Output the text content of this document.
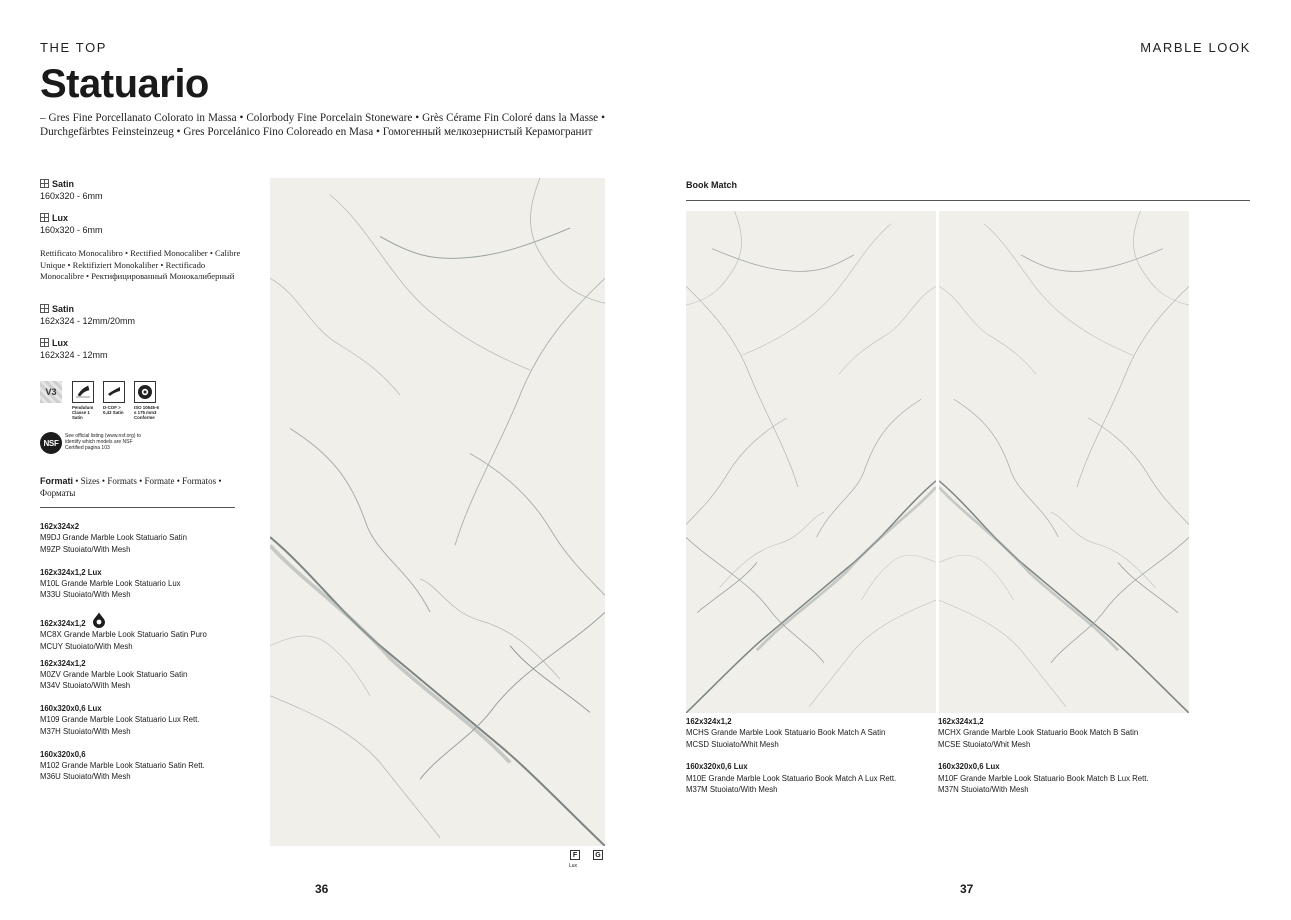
THE TOP	MARBLE LOOK
Statuario
– Gres Fine Porcellanato Colorato in Massa • Colorbody Fine Porcelain Stoneware • Grès Cérame Fin Coloré dans la Masse • Durchgefärbtes Feinsteinzeug • Gres Porcelánico Fino Coloreado en Masa • Гомогенный мелкозернистый Керамогранит
Satin
160x320 - 6mm
Lux
160x320 - 6mm
Rettificato Monocalibro • Rectified Monocaliber • Calibre Unique • Rektifiziert Monokaliber • Rectificado Monocalibre • Ректифицированный Монокалиберный
Satin
162x324 - 12mm/20mm
Lux
162x324 - 12mm
V3
Pendulum Classe 1 Satin
D-COF > 0,42 Satin
ISO 10545-6 ≤ 175 mm3 Conforme
NSF
See official listing (www.nsf.org) to identify which models are NSF Certified pagina 103
Formati • Sizes • Formats • Formate • Formatos • Форматы
162x324x2
M9DJ Grande Marble Look Statuario Satin
M9ZP Stuoiato/With Mesh
162x324x1,2 Lux
M10L Grande Marble Look Statuario Lux
M33U Stuoiato/With Mesh
162x324x1,2
MC8X Grande Marble Look Statuario Satin Puro
MCUY Stuoiato/With Mesh
162x324x1,2
M0ZV Grande Marble Look Statuario Satin
M34V Stuoiato/With Mesh
160x320x0,6 Lux
M109 Grande Marble Look Statuario Lux Rett.
M37H Stuoiato/With Mesh
160x320x0,6
M102 Grande Marble Look Statuario Satin Rett.
M36U Stuoiato/With Mesh
F	G
Lux
Book Match
162x324x1,2
MCHS Grande Marble Look Statuario Book Match A Satin
MCSD Stuoiato/Whit Mesh
160x320x0,6 Lux
M10E Grande Marble Look Statuario Book Match A Lux Rett.
M37M Stuoiato/With Mesh
162x324x1,2
MCHX Grande Marble Look Statuario Book Match B Satin
MCSE Stuoiato/Whit Mesh
160x320x0,6 Lux
M10F Grande Marble Look Statuario Book Match B Lux Rett.
M37N Stuoiato/With Mesh
36	37
